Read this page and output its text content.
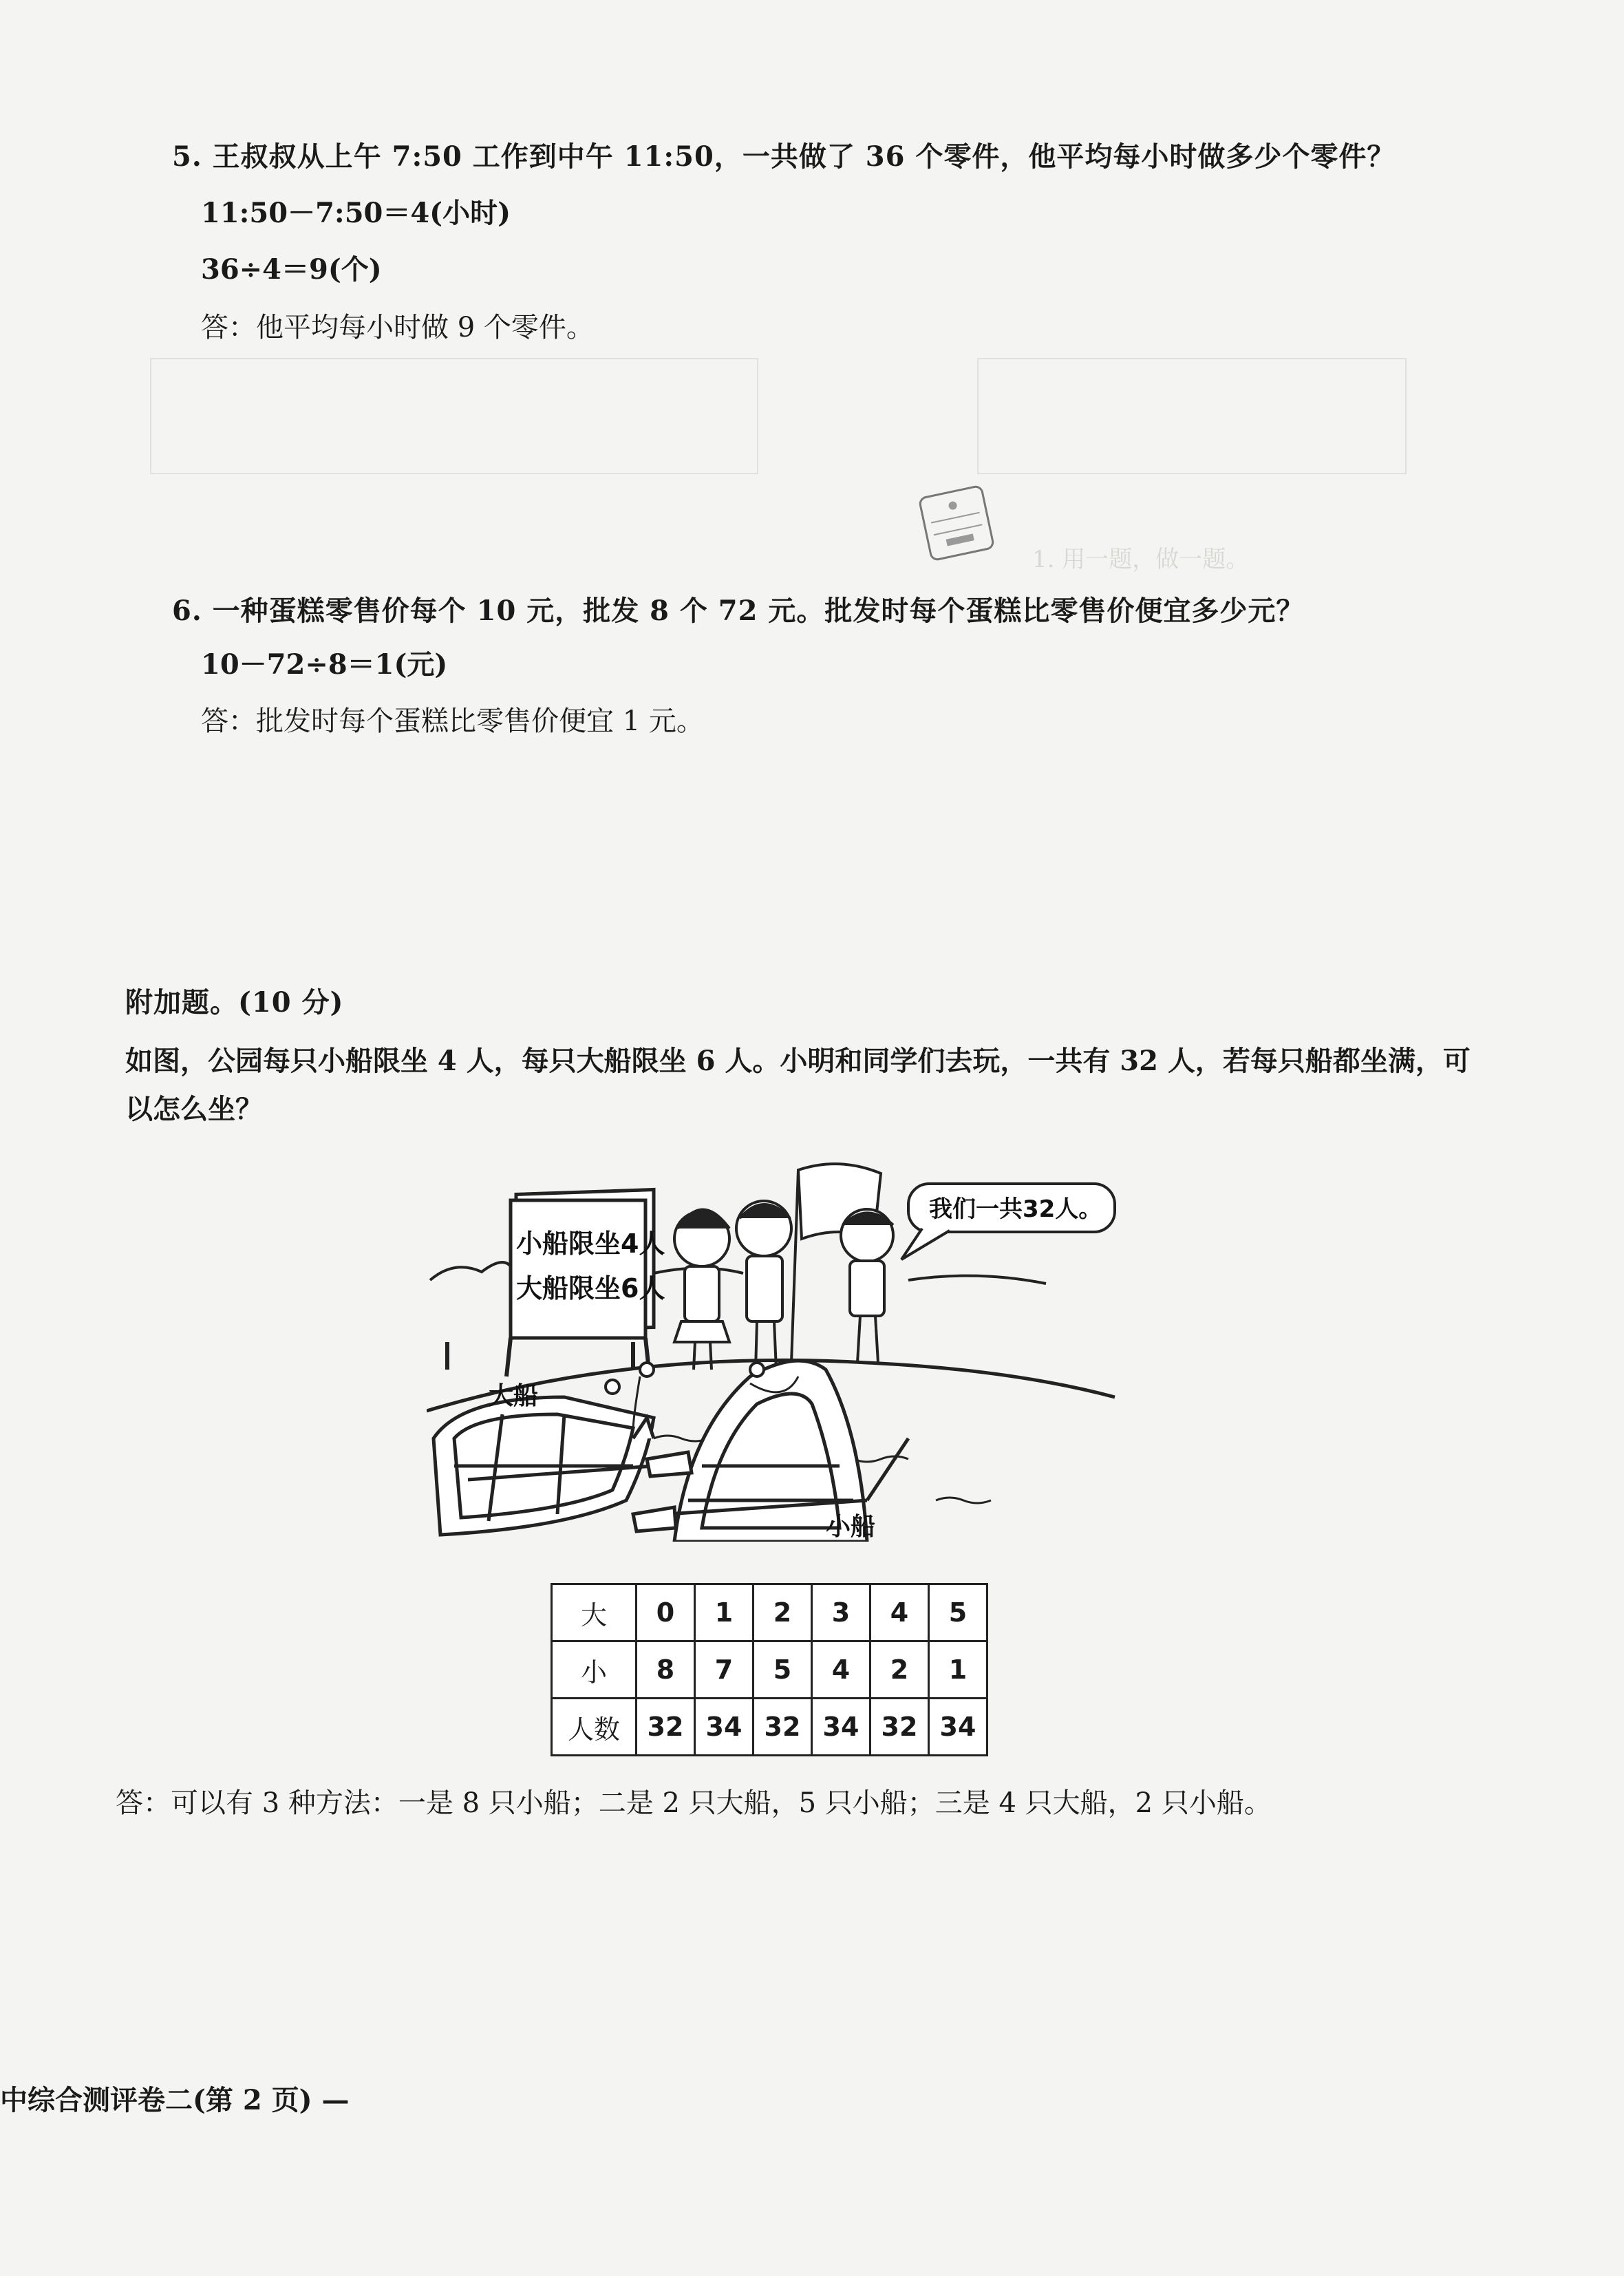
1. 用一题，做一题。
5. 王叔叔从上午 7:50 工作到中午 11:50，一共做了 36 个零件，他平均每小时做多少个零件？
11:50－7:50＝4(小时)
36÷4＝9(个)
答：他平均每小时做 9 个零件。
6. 一种蛋糕零售价每个 10 元，批发 8 个 72 元。批发时每个蛋糕比零售价便宜多少元？
10－72÷8＝1(元)
答：批发时每个蛋糕比零售价便宜 1 元。
附加题。(10 分)
如图，公园每只小船限坐 4 人，每只大船限坐 6 人。小明和同学们去玩，一共有 32 人，若每只船都坐满，可
以怎么坐？
小船限坐4人
大船限坐6人
我们一共32人。
大船
小船
大	0	1	2	3	4	5
小	8	7	5	4	2	1
人数	32	34	32	34	32	34
答：可以有 3 种方法：一是 8 只小船；二是 2 只大船，5 只小船；三是 4 只大船，2 只小船。
中综合测评卷二(第 2 页) —
